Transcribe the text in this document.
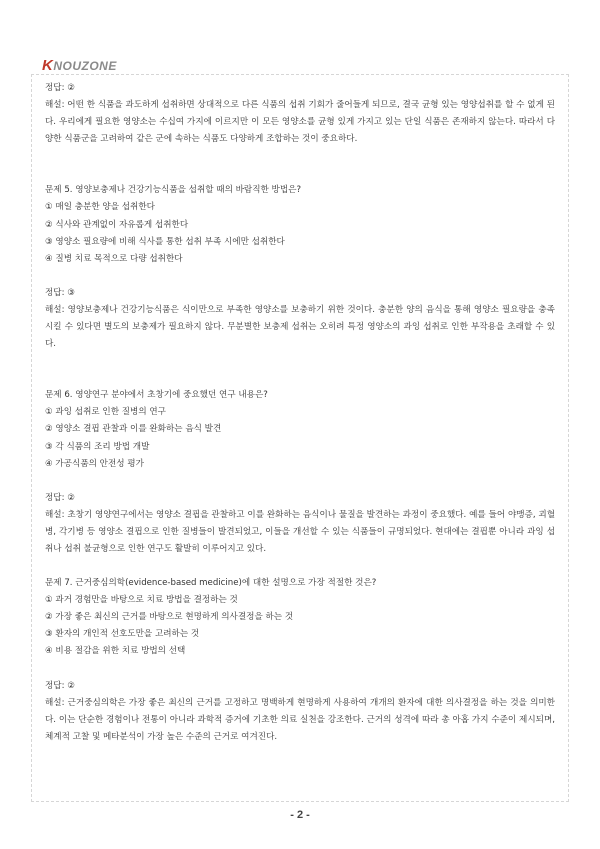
KNOUZONE

정답: ②

해설: 어떤 한 식품을 과도하게 섭취하면 상대적으로 다른 식품의 섭취 기회가 줄어들게 되므로, 결국 균형 있는 영양섭취를 할 수 없게 된다. 우리에게 필요한 영양소는 수십여 가지에 이르지만 이 모든 영양소를 균형 있게 가지고 있는 단일 식품은 존재하지 않는다. 따라서 다양한 식품군을 고려하여 같은 군에 속하는 식품도 다양하게 조합하는 것이 중요하다.

문제 5. 영양보충제나 건강기능식품을 섭취할 때의 바람직한 방법은?

① 매일 충분한 양을 섭취한다

② 식사와 관계없이 자유롭게 섭취한다

③ 영양소 필요량에 비해 식사를 통한 섭취 부족 시에만 섭취한다

④ 질병 치료 목적으로 다량 섭취한다

정답: ③

해설: 영양보충제나 건강기능식품은 식이만으로 부족한 영양소를 보충하기 위한 것이다. 충분한 양의 음식을 통해 영양소 필요량을 충족시킬 수 있다면 별도의 보충제가 필요하지 않다. 무분별한 보충제 섭취는 오히려 특정 영양소의 과잉 섭취로 인한 부작용을 초래할 수 있다.

문제 6. 영양연구 분야에서 초창기에 중요했던 연구 내용은?

① 과잉 섭취로 인한 질병의 연구

② 영양소 결핍 관찰과 이를 완화하는 음식 발견

③ 각 식품의 조리 방법 개발

④ 가공식품의 안전성 평가

정답: ②

해설: 초창기 영양연구에서는 영양소 결핍을 관찰하고 이를 완화하는 음식이나 물질을 발견하는 과정이 중요했다. 예를 들어 야맹증, 괴혈병, 각기병 등 영양소 결핍으로 인한 질병들이 발견되었고, 이들을 개선할 수 있는 식품들이 규명되었다. 현대에는 결핍뿐 아니라 과잉 섭취나 섭취 불균형으로 인한 연구도 활발히 이루어지고 있다.

문제 7. 근거중심의학(evidence-based medicine)에 대한 설명으로 가장 적절한 것은?

① 과거 경험만을 바탕으로 치료 방법을 결정하는 것

② 가장 좋은 최신의 근거를 바탕으로 현명하게 의사결정을 하는 것

③ 환자의 개인적 선호도만을 고려하는 것

④ 비용 절감을 위한 치료 방법의 선택

정답: ②

해설: 근거중심의학은 가장 좋은 최신의 근거를 고정하고 명백하게 현명하게 사용하여 개개의 환자에 대한 의사결정을 하는 것을 의미한다. 이는 단순한 경험이나 전통이 아니라 과학적 증거에 기초한 의료 실천을 강조한다. 근거의 성격에 따라 총 아홉 가지 수준이 제시되며, 체계적 고찰 및 메타분석이 가장 높은 수준의 근거로 여겨진다.

- 2 -
